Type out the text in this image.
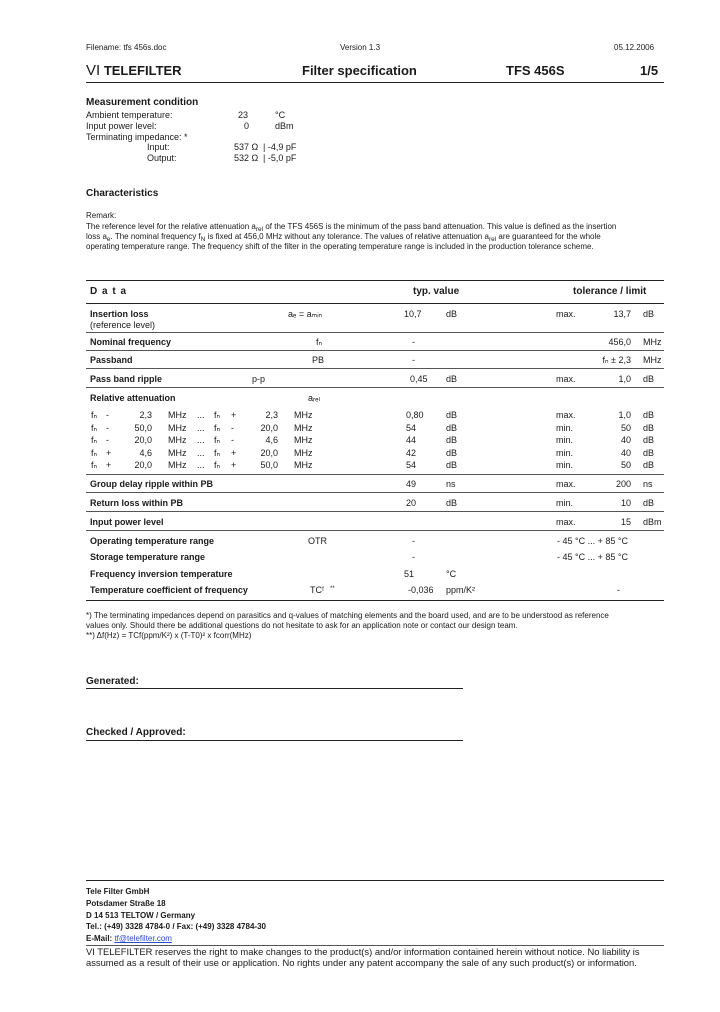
Filename: tfs 456s.doc	Version 1.3	05.12.2006
VI TELEFILTER	Filter specification	TFS 456S	1/5
Measurement condition
Ambient temperature:	23	°C
Input power level:	0	dBm
Terminating impedance: *
Input:	537 Ω | -4,9 pF
Output:	532 Ω | -5,0 pF
Characteristics
Remark:
The reference level for the relative attenuation $a_{rel}$ of the TFS 456S is the minimum of the pass band attenuation. This value is defined as the insertion
loss $a_e$. The nominal frequency $f_N$ is fixed at 456,0 MHz without any tolerance. The values of relative attenuation $a_{rel}$ are guaranteed for the whole
operating temperature range. The frequency shift of the filter in the operating temperature range is included in the production tolerance scheme.
D a t a	typ. value	tolerance / limit
Insertion loss
(reference level)
aₑ = aₘᵢₙ	10,7	dB	max.	13,7 dB
Nominal frequency	fₙ	-	456,0 MHz
Passband	PB	-	fₙ ± 2,3 MHz
Pass band ripple	p-p	0,45 dB	max.	1,0 dB
Relative attenuation	aᵣₑₗ
fₙ -	2,3 MHz ... fₙ +	2,3 MHz	0,80 dB	max.	1,0 dB
fₙ -	50,0 MHz ... fₙ -	20,0 MHz	54	dB	min.	50 dB
fₙ -	20,0 MHz ... fₙ -	4,6 MHz	44	dB	min.	40 dB
fₙ +	4,6 MHz ... fₙ +	20,0 MHz	42	dB	min.	40 dB
fₙ +	20,0 MHz ... fₙ +	50,0 MHz	54	dB	min.	50 dB
Group delay ripple within PB	49	ns	max.	200 ns
Return loss within PB	20	dB	min.	10 dB
Input power level	max.	15 dBm
Operating temperature range	OTR	-	- 45 °C ... + 85 °C
Storage temperature range	-	- 45 °C ... + 85 °C
Frequency inversion temperature	51	°C
Temperature coefficient of frequency	TCᶠ **	-0,036 ppm/K²	-
*) The terminating impedances depend on parasitics and q-values of matching elements and the board used, and are to be understood as reference
values only. Should there be additional questions do not hesitate to ask for an application note or contact our design team.
**) Δf(Hz) = TCf(ppm/K²) x (T-T0)² x fcorr(MHz)
Generated:
Checked / Approved:
Tele Filter GmbH
Potsdamer Straße 18
D 14 513 TELTOW / Germany
Tel.: (+49) 3328 4784-0 / Fax: (+49) 3328 4784-30
E-Mail: tf@telefilter.com
VI TELEFILTER reserves the right to make changes to the product(s) and/or information contained herein without notice. No liability is
assumed as a result of their use or application. No rights under any patent accompany the sale of any such product(s) or information.
